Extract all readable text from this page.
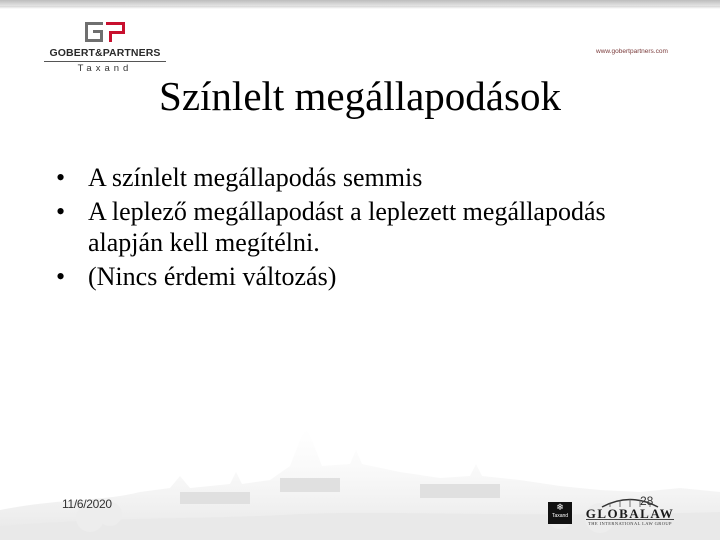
GOBERT&PARTNERS
Taxand
www.gobertpartners.com
Színlelt megállapodások
• A színlelt megállapodás semmis
• A leplező megállapodást a leplezett megállapodás alapján kell megítélni.
• (Nincs érdemi változás)
11/6/2020	28
❄
Taxand	GLOBALAW
THE INTERNATIONAL LAW GROUP
